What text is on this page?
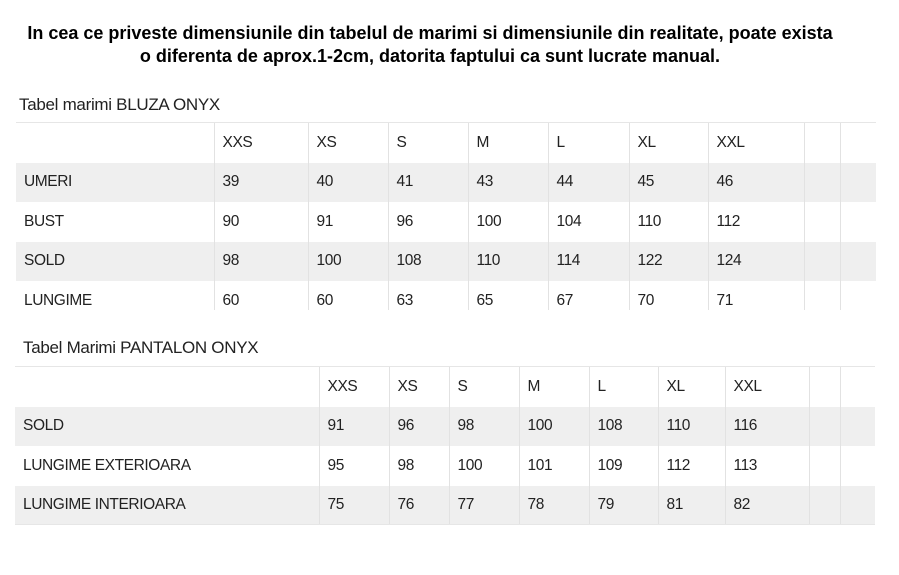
In cea ce priveste dimensiunile din tabelul de marimi si dimensiunile din realitate, poate exista o diferenta de aprox.1-2cm, datorita faptului ca sunt lucrate manual.
Tabel marimi BLUZA ONYX
	XXS	XS	S	M	L	XL	XXL		
UMERI	39	40	41	43	44	45	46		
BUST	90	91	96	100	104	110	112		
SOLD	98	100	108	110	114	122	124		
LUNGIME	60	60	63	65	67	70	71		
Tabel Marimi PANTALON ONYX
	XXS	XS	S	M	L	XL	XXL		
SOLD	91	96	98	100	108	110	116		
LUNGIME EXTERIOARA	95	98	100	101	109	112	113		
LUNGIME INTERIOARA	75	76	77	78	79	81	82		
